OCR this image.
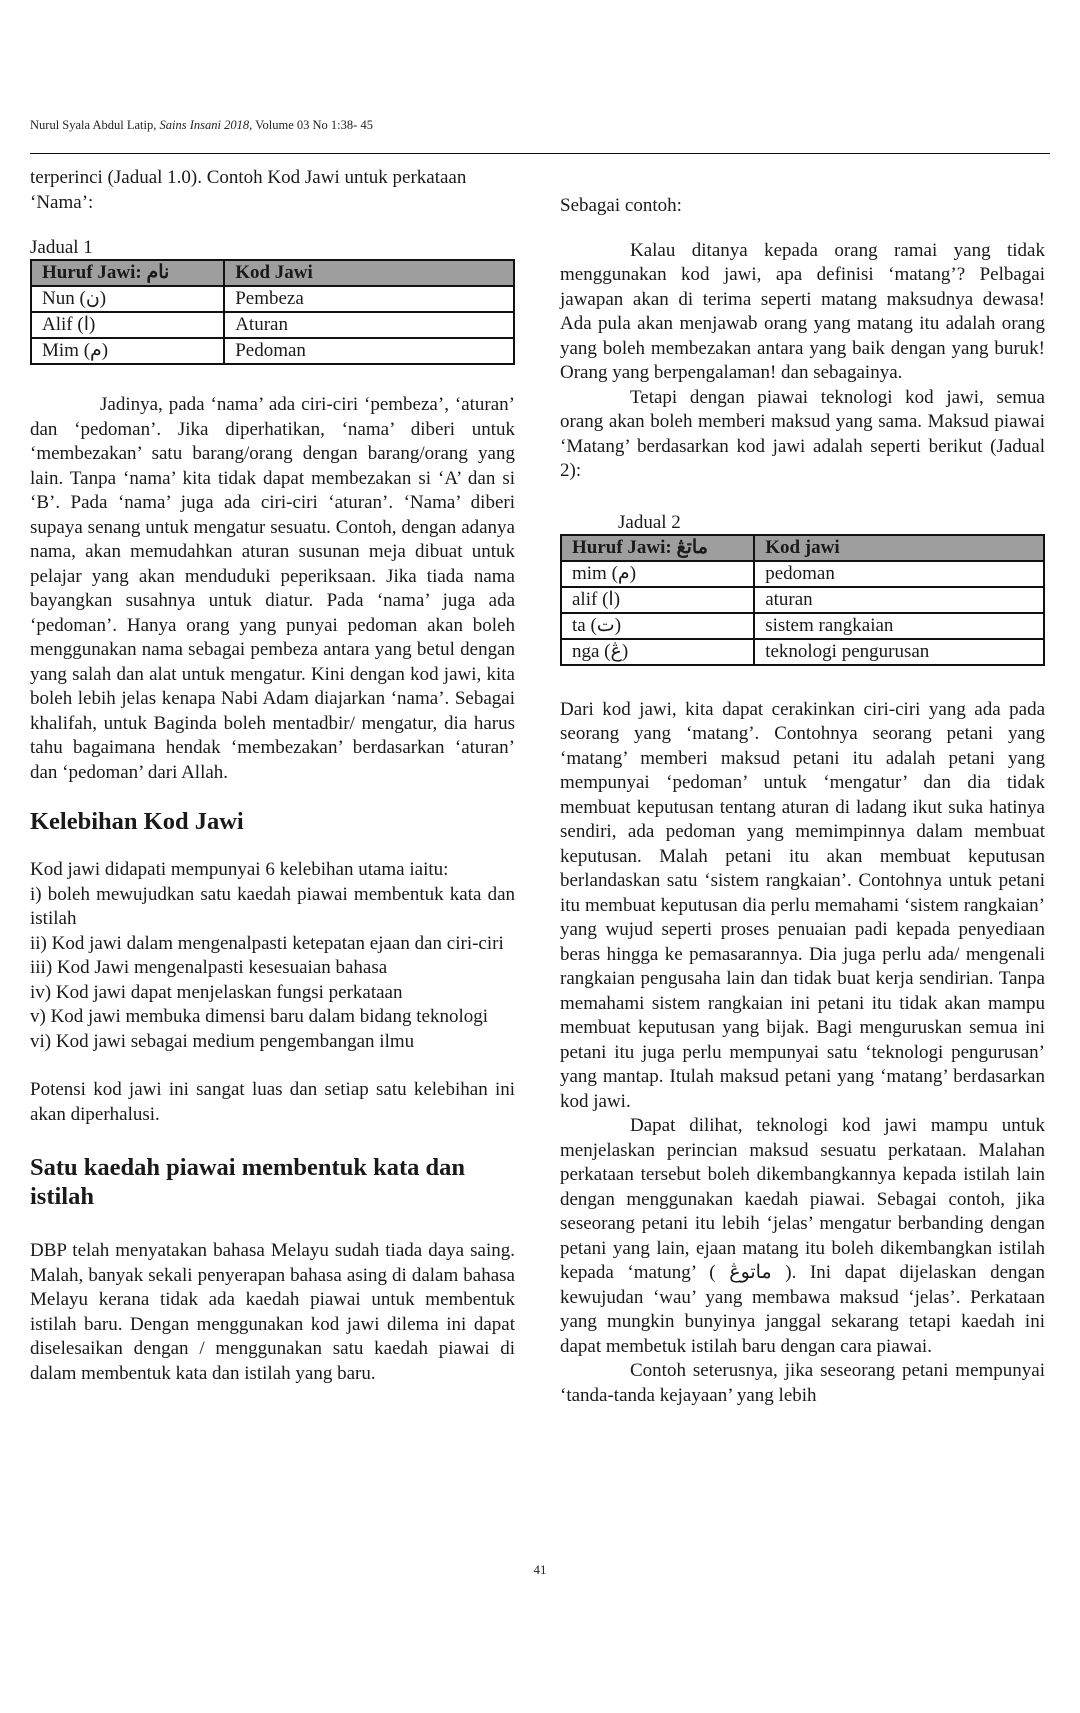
Nurul Syala Abdul Latip, Sains Insani 2018, Volume 03 No 1:38- 45

terperinci (Jadual 1.0). Contoh Kod Jawi untuk perkataan ‘Nama’:

Jadual 1
Huruf Jawi: نام	Kod Jawi
Nun (ن)	Pembeza
Alif (ا)	Aturan
Mim (م)	Pedoman

Jadinya, pada ‘nama’ ada ciri-ciri ‘pembeza’, ‘aturan’ dan ‘pedoman’. Jika diperhatikan, ‘nama’ diberi untuk ‘membezakan’ satu barang/orang dengan barang/orang yang lain. Tanpa ‘nama’ kita tidak dapat membezakan si ‘A’ dan si ‘B’. Pada ‘nama’ juga ada ciri-ciri ‘aturan’. ‘Nama’ diberi supaya senang untuk mengatur sesuatu. Contoh, dengan adanya nama, akan memudahkan aturan susunan meja dibuat untuk pelajar yang akan menduduki peperiksaan. Jika tiada nama bayangkan susahnya untuk diatur. Pada ‘nama’ juga ada ‘pedoman’. Hanya orang yang punyai pedoman akan boleh menggunakan nama sebagai pembeza antara yang betul dengan yang salah dan alat untuk mengatur. Kini dengan kod jawi, kita boleh lebih jelas kenapa Nabi Adam diajarkan ‘nama’. Sebagai khalifah, untuk Baginda boleh mentadbir/ mengatur, dia harus tahu bagaimana hendak ‘membezakan’ berdasarkan ‘aturan’ dan ‘pedoman’ dari Allah.

Kelebihan Kod Jawi

Kod jawi didapati mempunyai 6 kelebihan utama iaitu:

i) boleh mewujudkan satu kaedah piawai membentuk kata dan istilah

ii) Kod jawi dalam mengenalpasti ketepatan ejaan dan ciri-ciri

iii) Kod Jawi mengenalpasti kesesuaian bahasa

iv) Kod jawi dapat menjelaskan fungsi perkataan

v) Kod jawi membuka dimensi baru dalam bidang teknologi

vi) Kod jawi sebagai medium pengembangan ilmu

Potensi kod jawi ini sangat luas dan setiap satu kelebihan ini akan diperhalusi.

Satu kaedah piawai membentuk kata dan istilah

DBP telah menyatakan bahasa Melayu sudah tiada daya saing. Malah, banyak sekali penyerapan bahasa asing di dalam bahasa Melayu kerana tidak ada kaedah piawai untuk membentuk istilah baru. Dengan menggunakan kod jawi dilema ini dapat diselesaikan dengan / menggunakan satu kaedah piawai di dalam membentuk kata dan istilah yang baru.

Sebagai contoh:

Kalau ditanya kepada orang ramai yang tidak menggunakan kod jawi, apa definisi ‘matang’? Pelbagai jawapan akan di terima seperti matang maksudnya dewasa! Ada pula akan menjawab orang yang matang itu adalah orang yang boleh membezakan antara yang baik dengan yang buruk! Orang yang berpengalaman! dan sebagainya.

Tetapi dengan piawai teknologi kod jawi, semua orang akan boleh memberi maksud yang sama. Maksud piawai ‘Matang’ berdasarkan kod jawi adalah seperti berikut (Jadual 2):

Jadual 2
Huruf Jawi: ماتڠ	Kod jawi
mim (م)	pedoman
alif (ا)	aturan
ta (ت)	sistem rangkaian
nga (ڠ)	teknologi pengurusan

Dari kod jawi, kita dapat cerakinkan ciri-ciri yang ada pada seorang yang ‘matang’. Contohnya seorang petani yang ‘matang’ memberi maksud petani itu adalah petani yang mempunyai ‘pedoman’ untuk ‘mengatur’ dan dia tidak membuat keputusan tentang aturan di ladang ikut suka hatinya sendiri, ada pedoman yang memimpinnya dalam membuat keputusan. Malah petani itu akan membuat keputusan berlandaskan satu ‘sistem rangkaian’. Contohnya untuk petani itu membuat keputusan dia perlu memahami ‘sistem rangkaian’ yang wujud seperti proses penuaian padi kepada penyediaan beras hingga ke pemasarannya. Dia juga perlu ada/ mengenali rangkaian pengusaha lain dan tidak buat kerja sendirian. Tanpa memahami sistem rangkaian ini petani itu tidak akan mampu membuat keputusan yang bijak. Bagi menguruskan semua ini petani itu juga perlu mempunyai satu ‘teknologi pengurusan’ yang mantap. Itulah maksud petani yang ‘matang’ berdasarkan kod jawi.

Dapat dilihat, teknologi kod jawi mampu untuk menjelaskan perincian maksud sesuatu perkataan. Malahan perkataan tersebut boleh dikembangkannya kepada istilah lain dengan menggunakan kaedah piawai. Sebagai contoh, jika seseorang petani itu lebih ‘jelas’ mengatur berbanding dengan petani yang lain, ejaan matang itu boleh dikembangkan istilah kepada ‘matung’ ( ماتوڠ ). Ini dapat dijelaskan dengan kewujudan ‘wau’ yang membawa maksud ‘jelas’. Perkataan yang mungkin bunyinya janggal sekarang tetapi kaedah ini dapat membetuk istilah baru dengan cara piawai.

Contoh seterusnya, jika seseorang petani mempunyai ‘tanda-tanda kejayaan’ yang lebih

41
